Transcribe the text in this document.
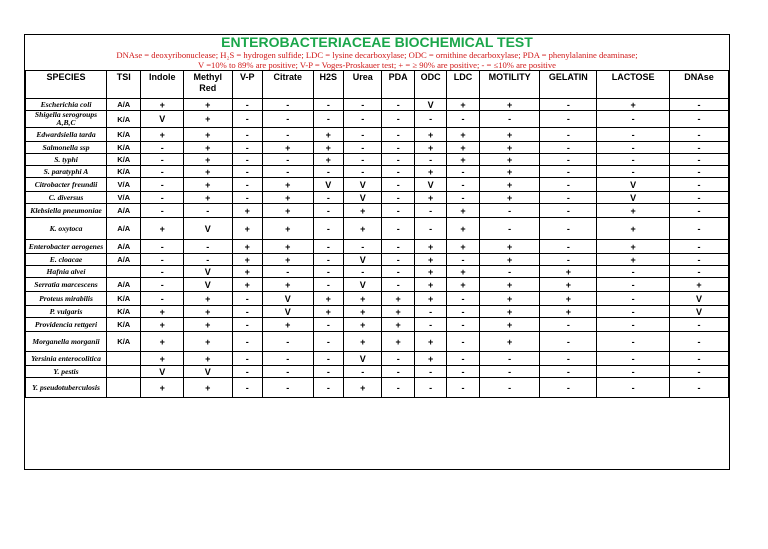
ENTEROBACTERIACEAE BIOCHEMICAL TEST
DNAse = deoxyribonuclease; H₂S = hydrogen sulfide; LDC = lysine decarboxylase; ODC = ornithine decarboxylase; PDA = phenylalanine deaminase;
V =10% to 89% are positive; V-P = Voges-Proskauer test; + = ≥ 90% are positive; - = ≤10% are positive
SPECIES	TSI	Indole	Methyl Red	V-P	Citrate	H2S	Urea	PDA	ODC	LDC	MOTILITY	GELATIN	LACTOSE	DNAse
Escherichia coli	A/A	+	+	-	-	-	-	-	V	+	+	-	+	-
Shigella serogroups A,B,C	K/A	V	+	-	-	-	-	-	-	-	-	-	-	-
Edwardsiella tarda	K/A	+	+	-	-	+	-	-	+	+	+	-	-	-
Salmonella ssp	K/A	-	+	-	+	+	-	-	+	+	+	-	-	-
S. typhi	K/A	-	+	-	-	+	-	-	-	+	+	-	-	-
S. paratyphi A	K/A	-	+	-	-	-	-	-	+	-	+	-	-	-
Citrobacter freundii	V/A	-	+	-	+	V	V	-	V	-	+	-	V	-
C. diversus	V/A	-	+	-	+	-	V	-	+	-	+	-	V	-
Klebsiella pneumoniae	A/A	-	-	+	+	-	+	-	-	+	-	-	+	-
K. oxytoca	A/A	+	V	+	+	-	+	-	-	+	-	-	+	-
Enterobacter aerogenes	A/A	-	-	+	+	-	-	-	+	+	+	-	+	-
E. cloacae	A/A	-	-	+	+	-	V	-	+	-	+	-	+	-
Hafnia alvei		-	V	+	-	-	-	-	+	+	-	+	-	-
Serratia marcescens	A/A	-	V	+	+	-	V	-	+	+	+	+	-	+
Proteus mirabilis	K/A	-	+	-	V	+	+	+	+	-	+	+	-	V
P. vulgaris	K/A	+	+	-	V	+	+	+	-	-	+	+	-	V
Providencia rettgeri	K/A	+	+	-	+	-	+	+	-	-	+	-	-	-
Morganella morganii	K/A	+	+	-	-	-	+	+	+	-	+	-	-	-
Yersinia enterocolitica		+	+	-	-	-	V	-	+	-	-	-	-	-
Y. pestis		V	V	-	-	-	-	-	-	-	-	-	-	-
Y. pseudotuberculosis		+	+	-	-	-	+	-	-	-	-	-	-	-
